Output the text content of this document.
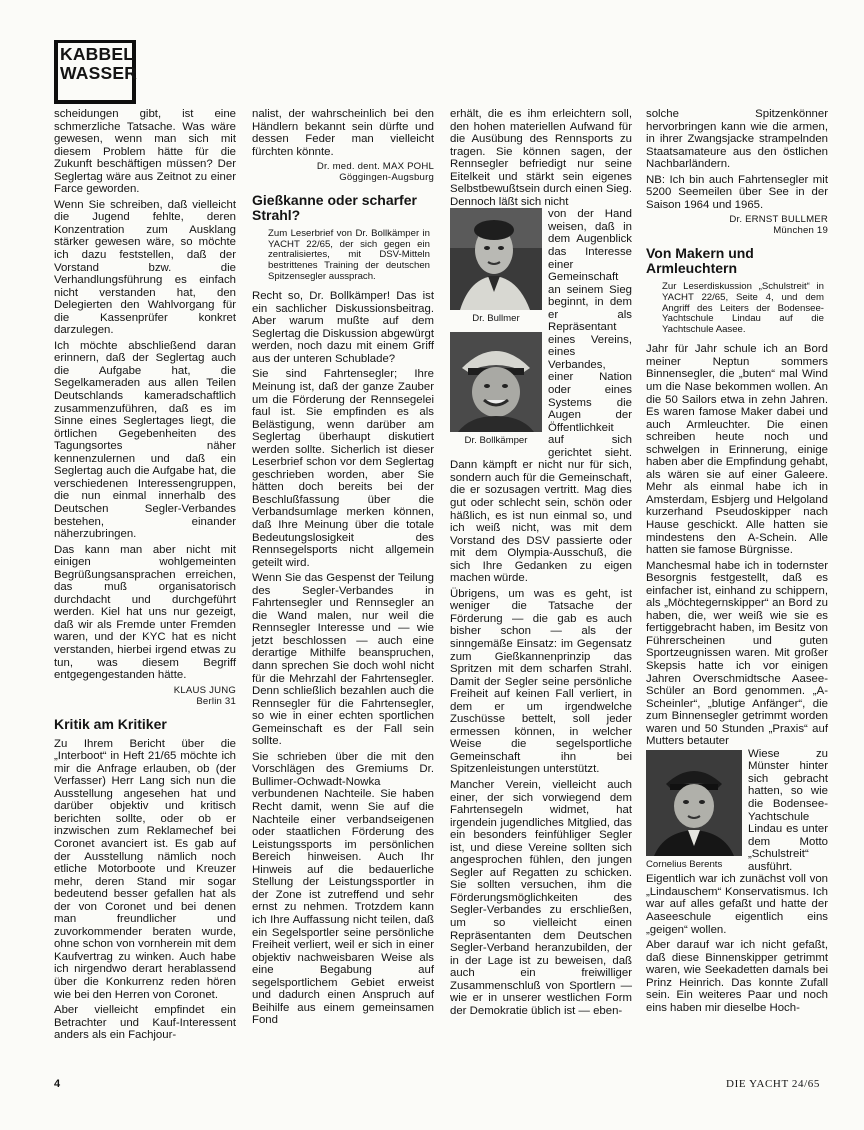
KABBEL
WASSER

scheidungen gibt, ist eine schmerzliche Tatsache. Was wäre gewesen, wenn man sich mit diesem Problem hätte für die Zukunft beschäftigen müssen? Der Seglertag wäre aus Zeitnot zu einer Farce geworden.

Wenn Sie schreiben, daß vielleicht die Jugend fehlte, deren Konzentration zum Ausklang stärker gewesen wäre, so möchte ich dazu feststellen, daß der Vorstand bzw. die Verhandlungsführung es einfach nicht verstanden hat, den Delegierten den Wahlvorgang für die Kassenprüfer konkret darzulegen.

Ich möchte abschließend daran erinnern, daß der Seglertag auch die Aufgabe hat, die Segelkameraden aus allen Teilen Deutschlands kameradschaftlich zusammenzuführen, daß es im Sinne eines Seglertages liegt, die örtlichen Gegebenheiten des Tagungsortes näher kennenzulernen und daß ein Seglertag auch die Aufgabe hat, die verschiedenen Interessengruppen, die nun einmal innerhalb des Deutschen Segler-Verbandes bestehen, einander näherzubringen.

Das kann man aber nicht mit einigen wohlgemeinten Begrüßungsansprachen erreichen, das muß organisatorisch durchdacht und durchgeführt werden. Kiel hat uns nur gezeigt, daß wir als Fremde unter Fremden waren, und der KYC hat es nicht verstanden, hierbei irgend etwas zu tun, was diesem Begriff entgegengestanden hätte.

KLAUS JUNG
Berlin 31
Kritik am Kritiker

Zu Ihrem Bericht über die „Interboot“ in Heft 21/65 möchte ich mir die Anfrage erlauben, ob (der Verfasser) Herr Lang sich nun die Ausstellung angesehen hat und darüber objektiv und kritisch berichten sollte, oder ob er inzwischen zum Reklamechef bei Coronet avanciert ist. Es gab auf der Ausstellung nämlich noch etliche Motorboote und Kreuzer mehr, deren Stand mir sogar bedeutend besser gefallen hat als der von Coronet und bei denen man freundlicher und zuvorkommender beraten wurde, ohne schon von vornherein mit dem Kaufvertrag zu winken. Auch habe ich nirgendwo derart herablassend über die Konkurrenz reden hören wie bei den Herren von Coronet.

Aber vielleicht empfindet ein Betrachter und Kauf-Interessent anders als ein Fachjour-

nalist, der wahrscheinlich bei den Händlern bekannt sein dürfte und dessen Feder man vielleicht fürchten könnte.

Dr. med. dent. MAX POHL
Göggingen-Augsburg
Gießkanne oder scharfer Strahl?
Zum Leserbrief von Dr. Bollkämper in YACHT 22/65, der sich gegen ein zentralisiertes, mit DSV-Mitteln bestrittenes Training der deutschen Spitzensegler aussprach.

Recht so, Dr. Bollkämper! Das ist ein sachlicher Diskussionsbeitrag. Aber warum mußte auf dem Seglertag die Diskussion abgewürgt werden, noch dazu mit einem Griff aus der unteren Schublade?

Sie sind Fahrtensegler; Ihre Meinung ist, daß der ganze Zauber um die Förderung der Rennsegelei faul ist. Sie empfinden es als Belästigung, wenn darüber am Seglertag überhaupt diskutiert werden sollte. Sicherlich ist dieser Leserbrief schon vor dem Seglertag geschrieben worden, aber Sie hätten doch bereits bei der Beschlußfassung über die Verbandsumlage merken können, daß Ihre Meinung über die totale Bedeutungslosigkeit des Rennsegelsports nicht allgemein geteilt wird.

Wenn Sie das Gespenst der Teilung des Segler-Verbandes in Fahrtensegler und Rennsegler an die Wand malen, nur weil die Rennsegler Interesse und — wie jetzt beschlossen — auch eine derartige Mithilfe beanspruchen, dann sprechen Sie doch wohl nicht für die Mehrzahl der Fahrtensegler. Denn schließlich bezahlen auch die Rennsegler für die Fahrtensegler, so wie in einer echten sportlichen Gemeinschaft es der Fall sein sollte.

Sie schrieben über die mit den Vorschlägen des Gremiums Dr. Bullimer-Ochwadt-Nowka verbundenen Nachteile. Sie haben Recht damit, wenn Sie auf die Nachteile einer verbandseigenen oder staatlichen Förderung des Leistungssports im persönlichen Bereich hinweisen. Auch Ihr Hinweis auf die bedauerliche Stellung der Leistungssportler in der Zone ist zutreffend und sehr ernst zu nehmen. Trotzdem kann ich Ihre Auffassung nicht teilen, daß ein Segelsportler seine persönliche Freiheit verliert, weil er sich in einer objektiv nachweisbaren Weise als eine Begabung auf segelsportlichem Gebiet erweist und dadurch einen Anspruch auf Beihilfe aus einem gemeinsamen Fond

erhält, die es ihm erleichtern soll, den hohen materiellen Aufwand für die Ausübung des Rennsports zu tragen. Sie können sagen, der Rennsegler befriedigt nur seine Eitelkeit und stärkt sein eigenes Selbstbewußtsein durch einen Sieg. Dennoch läßt sich nicht

Dr. Bullmer
Dr. Bollkämper

von der Hand weisen, daß in dem Augenblick das Interesse einer Gemeinschaft an seinem Sieg beginnt, in dem er als Repräsentant eines Vereins, eines Verbandes, einer Nation oder eines Systems die Augen der Öffentlichkeit auf sich gerichtet sieht. Dann kämpft er nicht nur für sich, sondern auch für die Gemeinschaft, die er sozusagen vertritt. Mag dies gut oder schlecht sein, schön oder häßlich, es ist nun einmal so, und ich weiß nicht, was mit dem Vorstand des DSV passierte oder mit dem Olympia-Ausschuß, die sich Ihre Gedanken zu eigen machen würde.

Übrigens, um was es geht, ist weniger die Tatsache der Förderung — die gab es auch bisher schon — als der sinngemäße Einsatz: im Gegensatz zum Gießkannenprinzip das Spritzen mit dem scharfen Strahl. Damit der Segler seine persönliche Freiheit auf keinen Fall verliert, in dem er um irgendwelche Zuschüsse bettelt, soll jeder ermessen können, in welcher Weise die segelsportliche Gemeinschaft ihn bei Spitzenleistungen unterstützt.

Mancher Verein, vielleicht auch einer, der sich vorwiegend dem Fahrtensegeln widmet, hat irgendein jugendliches Mitglied, das ein besonders feinfühliger Segler ist, und diese Vereine sollten sich angesprochen fühlen, den jungen Segler auf Regatten zu schicken. Sie sollten versuchen, ihm die Förderungsmöglichkeiten des Segler-Verbandes zu erschließen, um so vielleicht einen Repräsentanten dem Deutschen Segler-Verband heranzubilden, der in der Lage ist zu beweisen, daß auch ein freiwilliger Zusammenschluß von Sportlern — wie er in unserer westlichen Form der Demokratie üblich ist — eben-

solche Spitzenkönner hervorbringen kann wie die armen, in ihrer Zwangsjacke strampelnden Staatsamateure aus den östlichen Nachbarländern.

NB: Ich bin auch Fahrtensegler mit 5200 Seemeilen über See in der Saison 1964 und 1965.

Dr. ERNST BULLMER
München 19
Von Makern und Armleuchtern
Zur Leserdiskussion „Schulstreit“ in YACHT 22/65, Seite 4, und dem Angriff des Leiters der Bodensee-Yachtschule Lindau auf die Yachtschule Aasee.

Jahr für Jahr schule ich an Bord meiner Neptun sommers Binnensegler, die „buten“ mal Wind um die Nase bekommen wollen. An die 50 Sailors etwa in zehn Jahren. Es waren famose Maker dabei und auch Armleuchter. Die einen schreiben heute noch und schwelgen in Erinnerung, einige haben aber die Empfindung gehabt, als wären sie auf einer Galeere. Mehr als einmal habe ich in Amsterdam, Esbjerg und Helgoland kurzerhand Pseudoskipper nach Hause geschickt. Alle hatten sie mindestens den A-Schein. Alle hatten sie famose Bürgnisse.

Manchesmal habe ich in todernster Besorgnis festgestellt, daß es einfacher ist, einhand zu schippern, als „Möchtegernskipper“ an Bord zu haben, die, wer weiß wie sie es fertiggebracht haben, im Besitz von Führerscheinen und guten Sportzeugnissen waren. Mit großer Skepsis hatte ich vor einigen Jahren Overschmidtsche Aasee-Schüler an Bord genommen. „A-Scheinler“, „blutige Anfänger“, die zum Binnensegler getrimmt worden waren und 50 Stunden „Praxis“ auf Mutters betauter

Cornelius Berents

Wiese zu Münster hinter sich gebracht hatten, so wie die Bodensee-Yachtschule Lindau es unter dem Motto „Schulstreit“ ausführt. Eigentlich war ich zunächst voll von „Lindauschem“ Konservatismus. Ich war auf alles gefaßt und hatte der Aaseeschule eigentlich eins „geigen“ wollen.

Aber darauf war ich nicht gefaßt, daß diese Binnenskipper getrimmt waren, wie Seekadetten damals bei Prinz Heinrich. Das konnte Zufall sein. Ein weiteres Paar und noch eins haben mir dieselbe Hoch-

4	DIE YACHT 24/65
